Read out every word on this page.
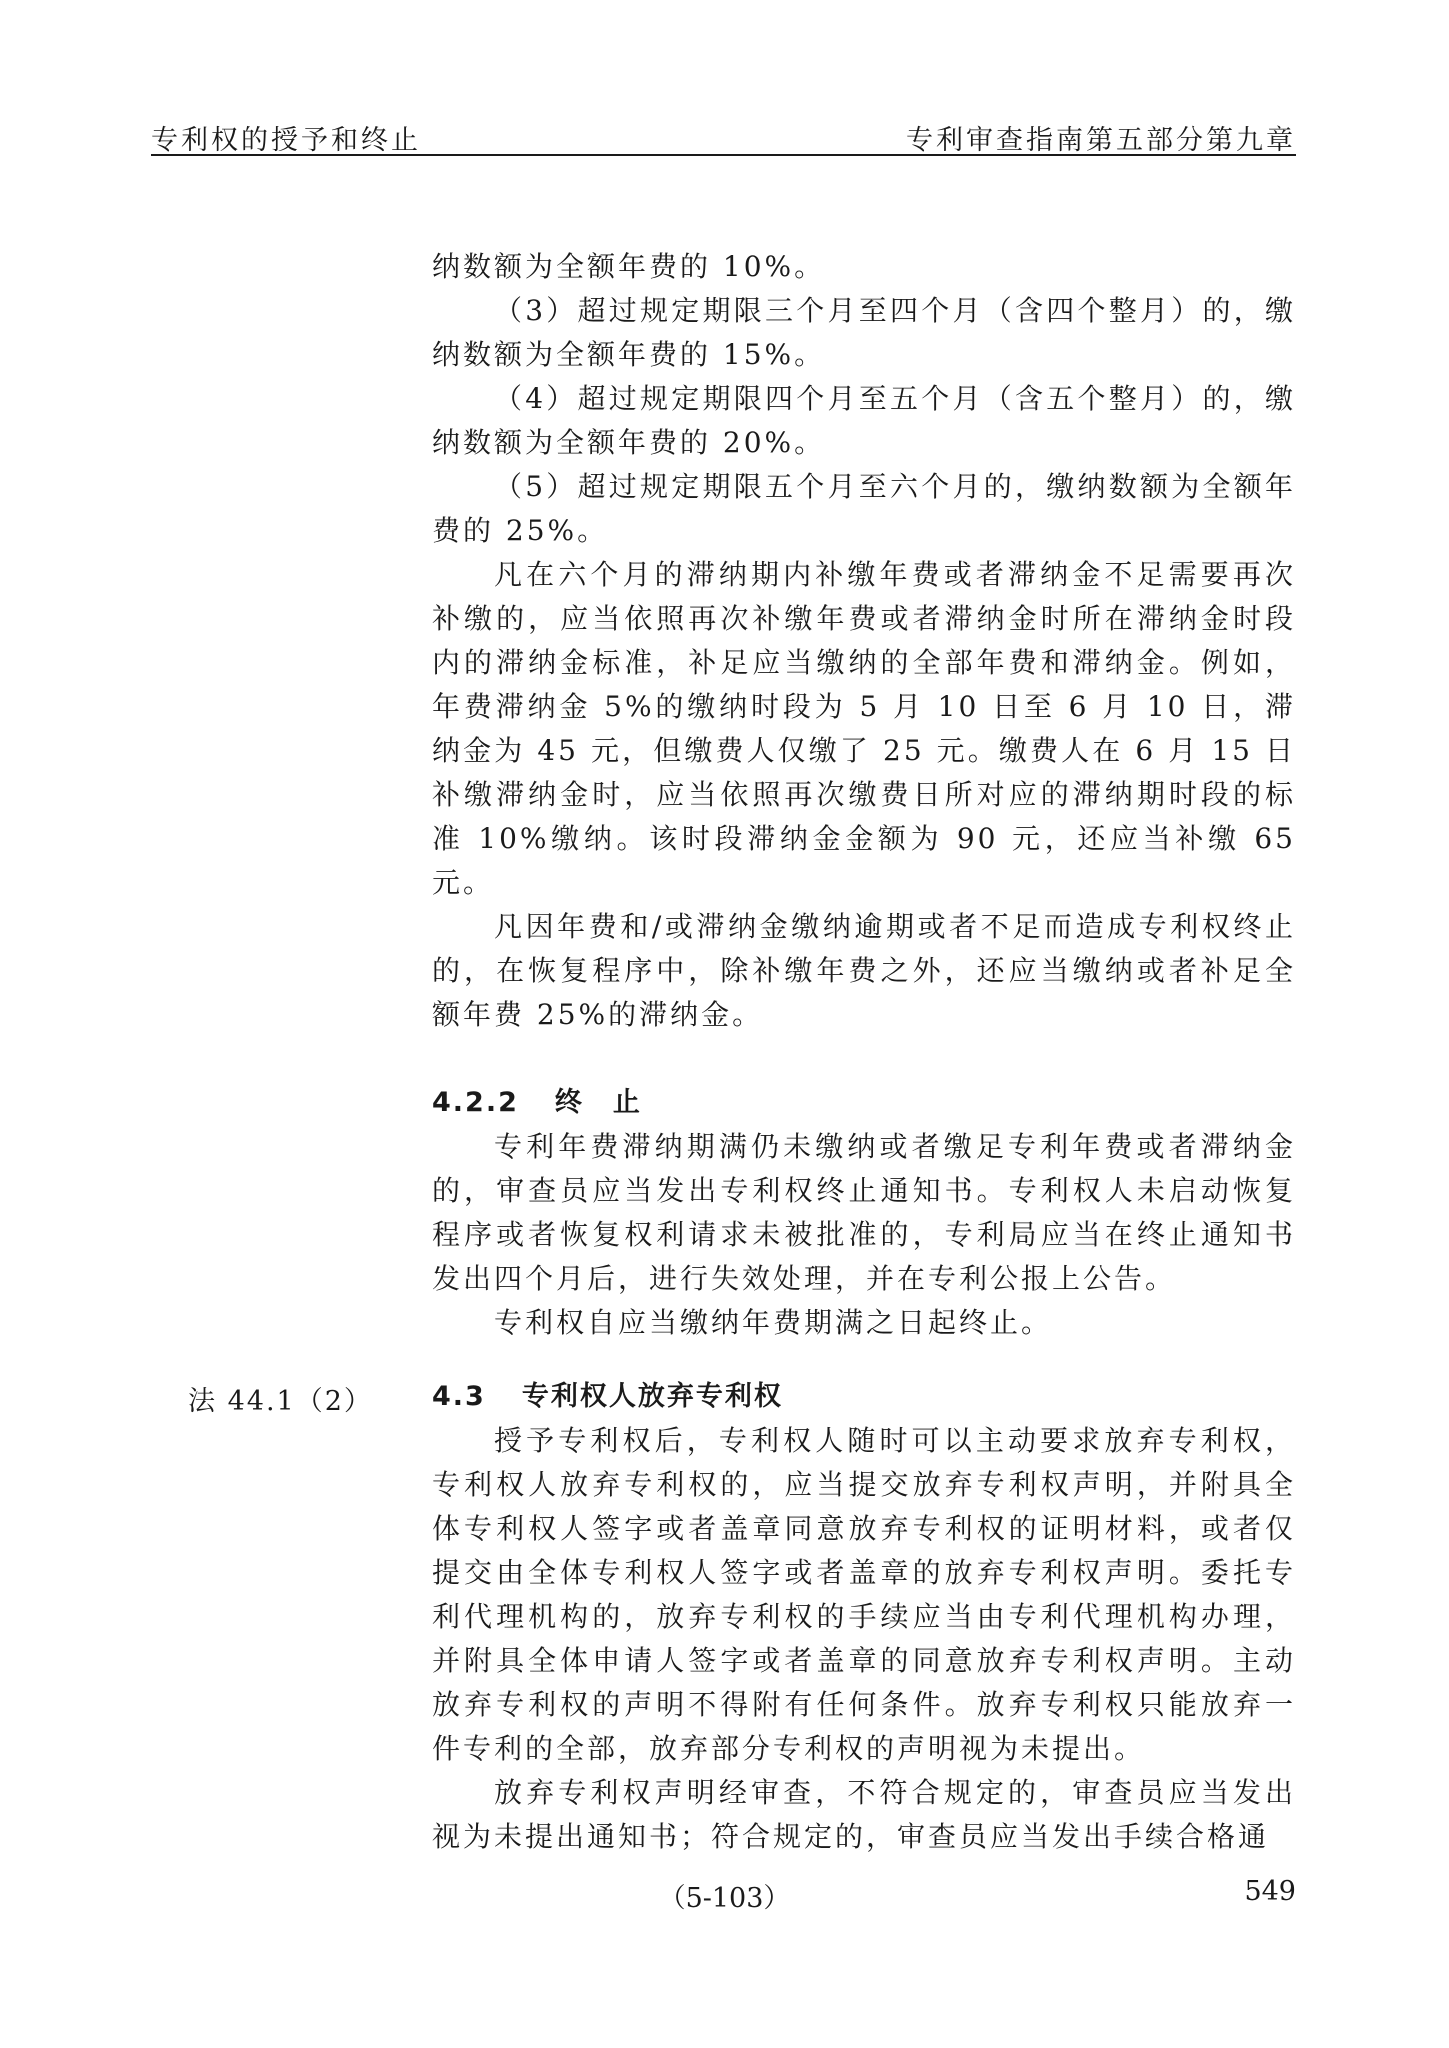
专利权的授予和终止	专利审查指南第五部分第九章

纳数额为全额年费的 10%。

（3）超过规定期限三个月至四个月（含四个整月）的，缴纳数额为全额年费的 15%。

（4）超过规定期限四个月至五个月（含五个整月）的，缴纳数额为全额年费的 20%。

（5）超过规定期限五个月至六个月的，缴纳数额为全额年费的 25%。

凡在六个月的滞纳期内补缴年费或者滞纳金不足需要再次补缴的，应当依照再次补缴年费或者滞纳金时所在滞纳金时段内的滞纳金标准，补足应当缴纳的全部年费和滞纳金。例如，年费滞纳金 5%的缴纳时段为 5 月 10 日至 6 月 10 日，滞纳金为 45 元，但缴费人仅缴了 25 元。缴费人在 6 月 15 日补缴滞纳金时，应当依照再次缴费日所对应的滞纳期时段的标准 10%缴纳。该时段滞纳金金额为 90 元，还应当补缴 65 元。

凡因年费和/或滞纳金缴纳逾期或者不足而造成专利权终止的，在恢复程序中，除补缴年费之外，还应当缴纳或者补足全额年费 25%的滞纳金。

4.2.2 终　止

专利年费滞纳期满仍未缴纳或者缴足专利年费或者滞纳金的，审查员应当发出专利权终止通知书。专利权人未启动恢复程序或者恢复权利请求未被批准的，专利局应当在终止通知书发出四个月后，进行失效处理，并在专利公报上公告。

专利权自应当缴纳年费期满之日起终止。

4.3 专利权人放弃专利权

授予专利权后，专利权人随时可以主动要求放弃专利权，专利权人放弃专利权的，应当提交放弃专利权声明，并附具全体专利权人签字或者盖章同意放弃专利权的证明材料，或者仅提交由全体专利权人签字或者盖章的放弃专利权声明。委托专利代理机构的，放弃专利权的手续应当由专利代理机构办理，并附具全体申请人签字或者盖章的同意放弃专利权声明。主动放弃专利权的声明不得附有任何条件。放弃专利权只能放弃一件专利的全部，放弃部分专利权的声明视为未提出。

放弃专利权声明经审查，不符合规定的，审查员应当发出视为未提出通知书；符合规定的，审查员应当发出手续合格通

法 44.1（2）
（5-103）	549
